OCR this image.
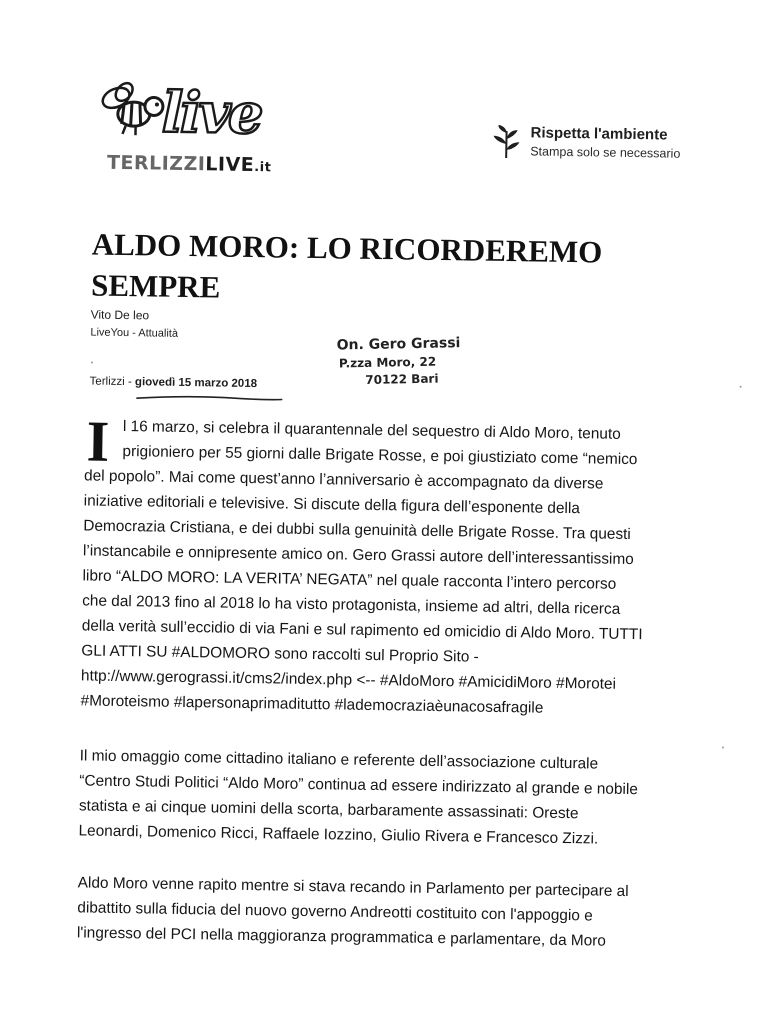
live
TERLIZZILIVE.it
Rispetta l'ambiente
Stampa solo se necessario
ALDO MORO: LO RICORDEREMO
SEMPRE
Vito De leo
LiveYou - Attualità
On. Gero Grassi
P.zza Moro, 22
70122 Bari
Terlizzi - giovedì 15 marzo 2018
I l 16 marzo, si celebra il quarantennale del sequestro di Aldo Moro, tenuto
prigioniero per 55 giorni dalle Brigate Rosse, e poi giustiziato come “nemico
del popolo”. Mai come quest’anno l’anniversario è accompagnato da diverse
iniziative editoriali e televisive. Si discute della figura dell’esponente della
Democrazia Cristiana, e dei dubbi sulla genuinità delle Brigate Rosse. Tra questi
l’instancabile e onnipresente amico on. Gero Grassi autore dell’interessantissimo
libro “ALDO MORO: LA VERITA’ NEGATA” nel quale racconta l’intero percorso
che dal 2013 fino al 2018 lo ha visto protagonista, insieme ad altri, della ricerca
della verità sull’eccidio di via Fani e sul rapimento ed omicidio di Aldo Moro. TUTTI
GLI ATTI SU #ALDOMORO sono raccolti sul Proprio Sito -
http://www.gerograssi.it/cms2/index.php <-- #AldoMoro #AmicidiMoro #Morotei
#Moroteismo #lapersonaprimaditutto #lademocraziaèunacosafragile

Il mio omaggio come cittadino italiano e referente dell’associazione culturale
“Centro Studi Politici “Aldo Moro” continua ad essere indirizzato al grande e nobile
statista e ai cinque uomini della scorta, barbaramente assassinati: Oreste
Leonardi, Domenico Ricci, Raffaele Iozzino, Giulio Rivera e Francesco Zizzi.

Aldo Moro venne rapito mentre si stava recando in Parlamento per partecipare al
dibattito sulla fiducia del nuovo governo Andreotti costituito con l'appoggio e
l'ingresso del PCI nella maggioranza programmatica e parlamentare, da Moro
